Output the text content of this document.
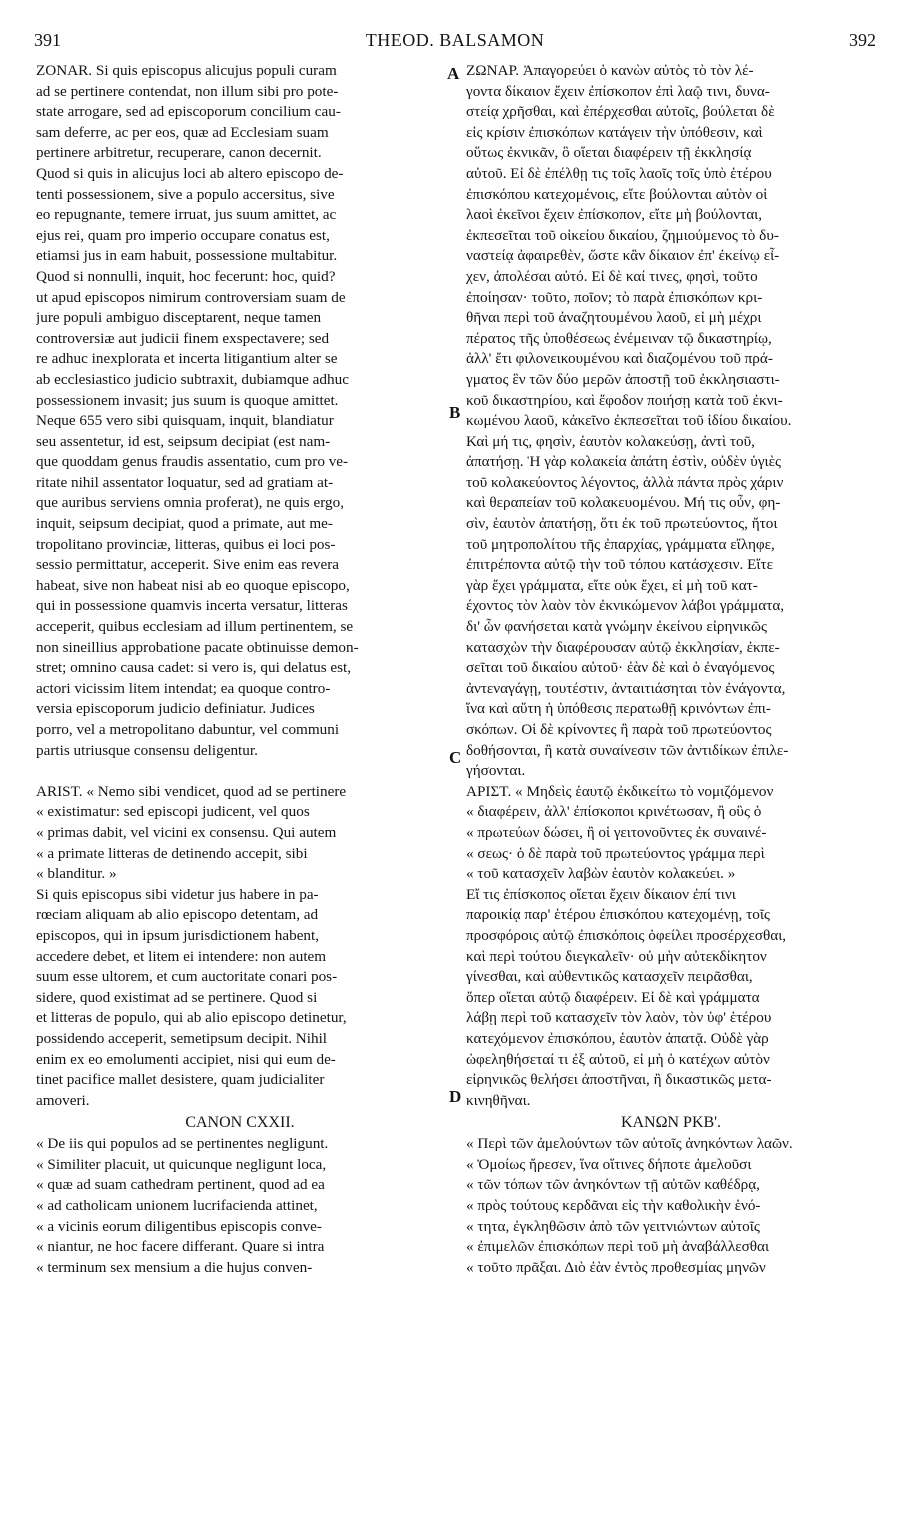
391	THEOD. BALSAMON	392
A
B
C
D
ZONAR. Si quis episcopus alicujus populi curam
ad se pertinere contendat, non illum sibi pro pote-
state arrogare, sed ad episcoporum concilium cau-
sam deferre, ac per eos, quæ ad Ecclesiam suam
pertinere arbitretur, recuperare, canon decernit.
Quod si quis in alicujus loci ab altero episcopo de-
tenti possessionem, sive a populo accersitus, sive
eo repugnante, temere irruat, jus suum amittet, ac
ejus rei, quam pro imperio occupare conatus est,
etiamsi jus in eam habuit, possessione multabitur.
Quod si nonnulli, inquit, hoc fecerunt: hoc, quid?
ut apud episcopos nimirum controversiam suam de
jure populi ambiguo disceptarent, neque tamen
controversiæ aut judicii finem exspectavere; sed
re adhuc inexplorata et incerta litigantium alter se
ab ecclesiastico judicio subtraxit, dubiamque adhuc
possessionem invasit; jus suum is quoque amittet.
Neque 655 vero sibi quisquam, inquit, blandiatur
seu assentetur, id est, seipsum decipiat (est nam-
que quoddam genus fraudis assentatio, cum pro ve-
ritate nihil assentator loquatur, sed ad gratiam at-
que auribus serviens omnia proferat), ne quis ergo,
inquit, seipsum decipiat, quod a primate, aut me-
tropolitano provinciæ, litteras, quibus ei loci pos-
sessio permittatur, acceperit. Sive enim eas revera
habeat, sive non habeat nisi ab eo quoque episcopo,
qui in possessione quamvis incerta versatur, litteras
acceperit, quibus ecclesiam ad illum pertinentem, se
non sineillius approbatione pacate obtinuisse demon-
stret; omnino causa cadet: si vero is, qui delatus est,
actori vicissim litem intendat; ea quoque contro-
versia episcoporum judicio definiatur. Judices
porro, vel a metropolitano dabuntur, vel communi
partis utriusque consensu deligentur.
ARIST. « Nemo sibi vendicet, quod ad se pertinere
« existimatur: sed episcopi judicent, vel quos
« primas dabit, vel vicini ex consensu. Qui autem
« a primate litteras de detinendo accepit, sibi
« blanditur. »
Si quis episcopus sibi videtur jus habere in pa-
rœciam aliquam ab alio episcopo detentam, ad
episcopos, qui in ipsum jurisdictionem habent,
accedere debet, et litem ei intendere: non autem
suum esse ultorem, et cum auctoritate conari pos-
sidere, quod existimat ad se pertinere. Quod si
et litteras de populo, qui ab alio episcopo detinetur,
possidendo acceperit, semetipsum decipit. Nihil
enim ex eo emolumenti accipiet, nisi qui eum de-
tinet pacifice mallet desistere, quam judicialiter
amoveri.
CANON CXXII.
« De iis qui populos ad se pertinentes negligunt.
« Similiter placuit, ut quicunque negligunt loca,
« quæ ad suam cathedram pertinent, quod ad ea
« ad catholicam unionem lucrifacienda attinet,
« a vicinis eorum diligentibus episcopis conve-
« niantur, ne hoc facere differant. Quare si intra
« terminum sex mensium a die hujus conven-
ΖΩΝΑΡ. Ἀπαγορεύει ὁ κανὼν αὐτὸς τὸ τὸν λέ-
γοντα δίκαιον ἔχειν ἐπίσκοπον ἐπὶ λαῷ τινι, δυνα-
στείᾳ χρῆσθαι, καὶ ἐπέρχεσθαι αὐτοῖς, βούλεται δὲ
εἰς κρίσιν ἐπισκόπων κατάγειν τὴν ὑπόθεσιν, καὶ
οὕτως ἐκνικᾶν, ὃ οἴεται διαφέρειν τῇ ἐκκλησίᾳ
αὐτοῦ. Εἰ δὲ ἐπέλθῃ τις τοῖς λαοῖς τοῖς ὑπὸ ἑτέρου
ἐπισκόπου κατεχομένοις, εἴτε βούλονται αὐτὸν οἱ
λαοὶ ἐκεῖνοι ἔχειν ἐπίσκοπον, εἴτε μὴ βούλονται,
ἐκπεσεῖται τοῦ οἰκείου δικαίου, ζημιούμενος τὸ δυ-
ναστείᾳ ἀφαιρεθὲν, ὥστε κἂν δίκαιον ἐπ' ἐκείνῳ εἶ-
χεν, ἀπολέσαι αὐτό. Εἰ δὲ καί τινες, φησὶ, τοῦτο
ἐποίησαν· τοῦτο, ποῖον; τὸ παρὰ ἐπισκόπων κρι-
θῆναι περὶ τοῦ ἀναζητουμένου λαοῦ, εἰ μὴ μέχρι
πέρατος τῆς ὑποθέσεως ἐνέμειναν τῷ δικαστηρίῳ,
ἀλλ' ἔτι φιλονεικουμένου καὶ διαζομένου τοῦ πρά-
γματος ἓν τῶν δύο μερῶν ἀποστῇ τοῦ ἐκκλησιαστι-
κοῦ δικαστηρίου, καὶ ἔφοδον ποιήσῃ κατὰ τοῦ ἐκνι-
κωμένου λαοῦ, κἀκεῖνο ἐκπεσεῖται τοῦ ἰδίου δικαίου.
Καὶ μή τις, φησὶν, ἑαυτὸν κολακεύσῃ, ἀντὶ τοῦ,
ἀπατήσῃ. Ἡ γὰρ κολακεία ἀπάτη ἐστὶν, οὐδὲν ὑγιὲς
τοῦ κολακεύοντος λέγοντος, ἀλλὰ πάντα πρὸς χάριν
καὶ θεραπείαν τοῦ κολακευομένου. Μή τις οὖν, φη-
σὶν, ἑαυτὸν ἀπατήσῃ, ὅτι ἐκ τοῦ πρωτεύοντος, ἤτοι
τοῦ μητροπολίτου τῆς ἐπαρχίας, γράμματα εἴληφε,
ἐπιτρέποντα αὐτῷ τὴν τοῦ τόπου κατάσχεσιν. Εἴτε
γὰρ ἔχει γράμματα, εἴτε οὐκ ἔχει, εἰ μὴ τοῦ κατ-
έχοντος τὸν λαὸν τὸν ἐκνικώμενον λάβοι γράμματα,
δι' ὧν φανήσεται κατὰ γνώμην ἐκείνου εἰρηνικῶς
κατασχὼν τὴν διαφέρουσαν αὐτῷ ἐκκλησίαν, ἐκπε-
σεῖται τοῦ δικαίου αὐτοῦ· ἐὰν δὲ καὶ ὁ ἐναγόμενος
ἀντεναγάγῃ, τουτέστιν, ἀνταιτιάσηται τὸν ἐνάγοντα,
ἵνα καὶ αὕτη ἡ ὑπόθεσις περατωθῇ κρινόντων ἐπι-
σκόπων. Οἱ δὲ κρίνοντες ἢ παρὰ τοῦ πρωτεύοντος
δοθήσονται, ἢ κατὰ συναίνεσιν τῶν ἀντιδίκων ἐπιλε-
γήσονται.
ΑΡΙΣΤ. « Μηδεὶς ἑαυτῷ ἐκδικείτω τὸ νομιζόμενον
« διαφέρειν, ἀλλ' ἐπίσκοποι κρινέτωσαν, ἢ οὓς ὁ
« πρωτεύων δώσει, ἢ οἱ γειτονοῦντες ἐκ συναινέ-
« σεως· ὁ δὲ παρὰ τοῦ πρωτεύοντος γράμμα περὶ
« τοῦ κατασχεῖν λαβὼν ἑαυτὸν κολακεύει. »
Εἴ τις ἐπίσκοπος οἴεται ἔχειν δίκαιον ἐπί τινι
παροικίᾳ παρ' ἑτέρου ἐπισκόπου κατεχομένῃ, τοῖς
προσφόροις αὐτῷ ἐπισκόποις ὀφείλει προσέρχεσθαι,
καὶ περὶ τούτου διεγκαλεῖν· οὐ μὴν αὐτεκδίκητον
γίνεσθαι, καὶ αὐθεντικῶς κατασχεῖν πειρᾶσθαι,
ὅπερ οἴεται αὐτῷ διαφέρειν. Εἰ δὲ καὶ γράμματα
λάβῃ περὶ τοῦ κατασχεῖν τὸν λαὸν, τὸν ὑφ' ἑτέρου
κατεχόμενον ἐπισκόπου, ἑαυτὸν ἀπατᾷ. Οὐδὲ γὰρ
ὠφεληθήσεταί τι ἐξ αὐτοῦ, εἰ μὴ ὁ κατέχων αὐτὸν
εἰρηνικῶς θελήσει ἀποστῆναι, ἢ δικαστικῶς μετα-
κινηθῆναι.
ΚΑΝΩΝ ΡΚΒ'.
« Περὶ τῶν ἀμελούντων τῶν αὐτοῖς ἀνηκόντων λαῶν.
« Ὁμοίως ἤρεσεν, ἵνα οἵτινες δήποτε ἀμελοῦσι
« τῶν τόπων τῶν ἀνηκόντων τῇ αὐτῶν καθέδρᾳ,
« πρὸς τούτους κερδᾶναι εἰς τὴν καθολικὴν ἑνό-
« τητα, ἐγκληθῶσιν ἀπὸ τῶν γειτνιώντων αὐτοῖς
« ἐπιμελῶν ἐπισκόπων περὶ τοῦ μὴ ἀναβάλλεσθαι
« τοῦτο πρᾶξαι. Διὸ ἐὰν ἐντὸς προθεσμίας μηνῶν
